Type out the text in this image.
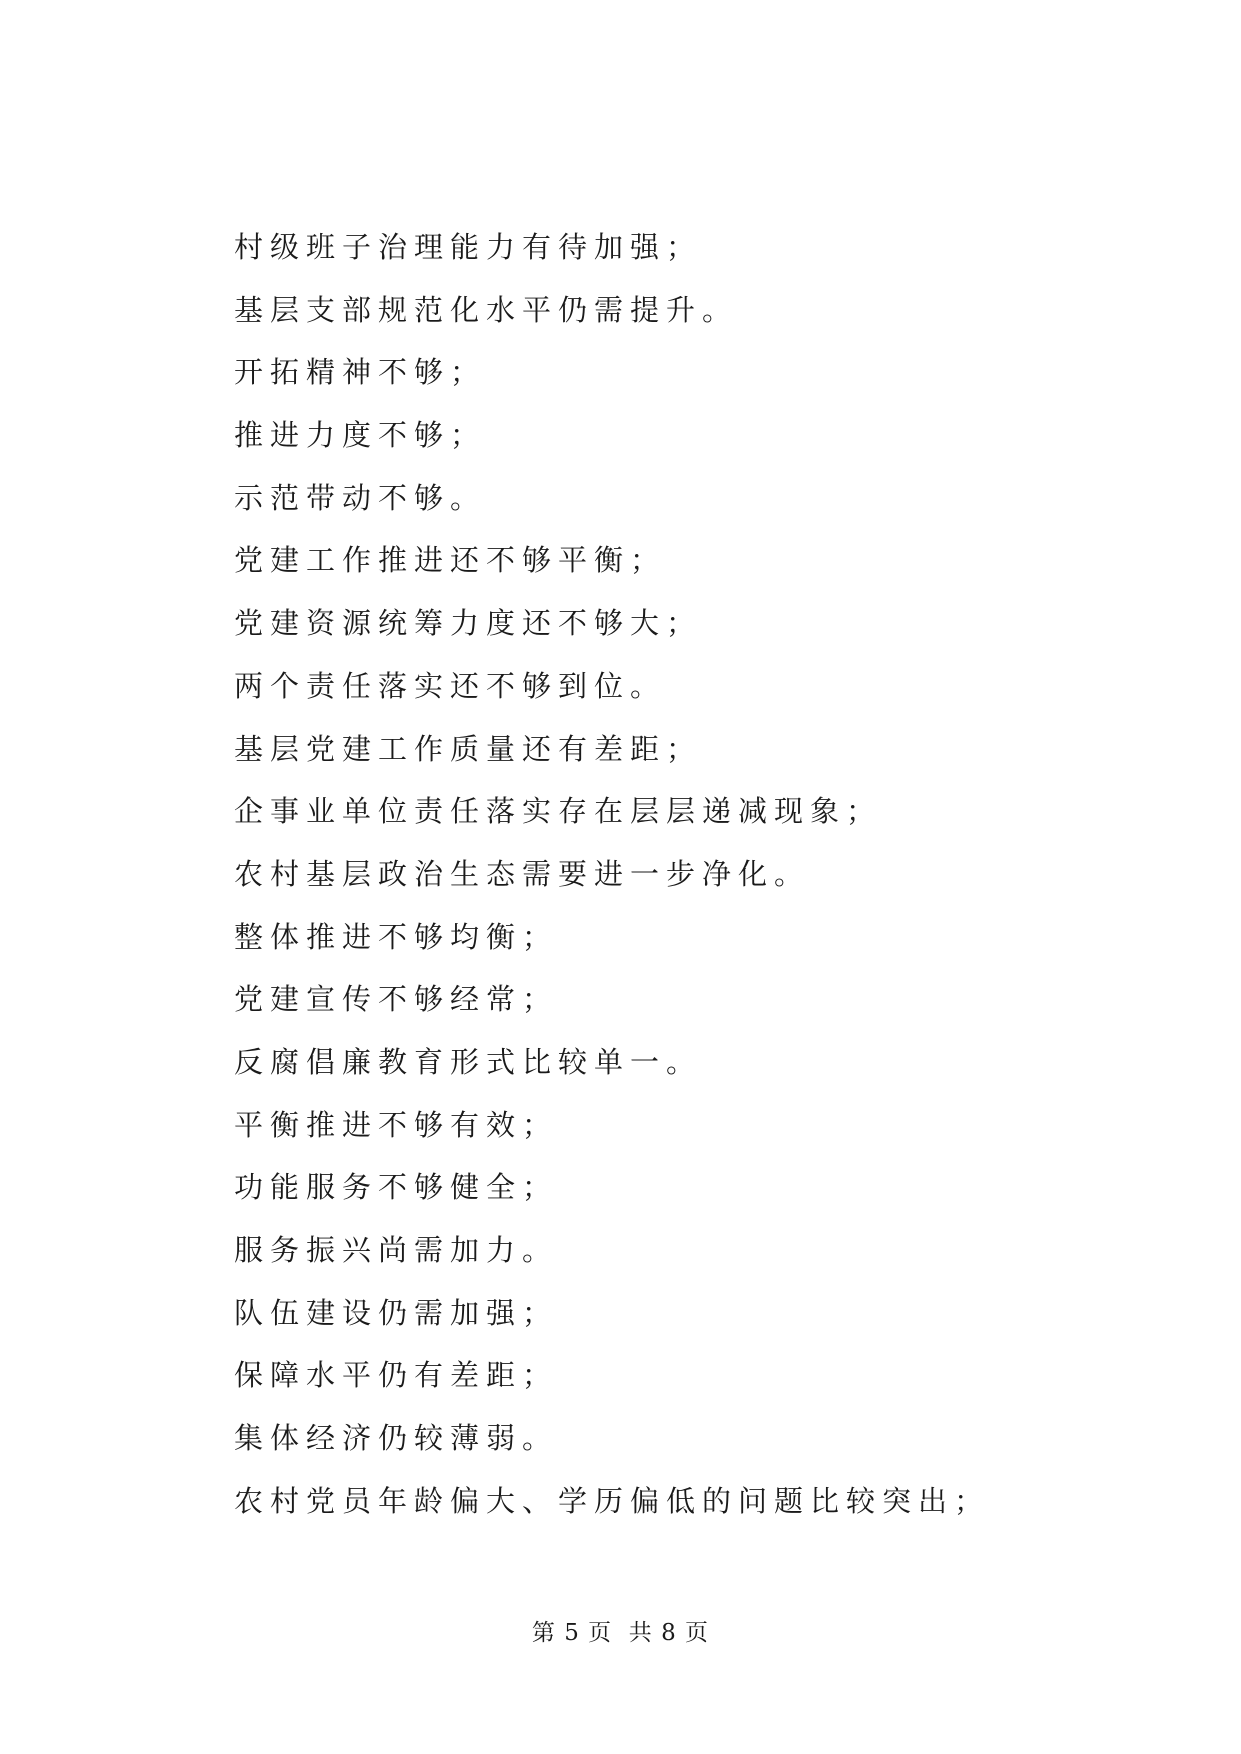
村级班子治理能力有待加强；
基层支部规范化水平仍需提升。
开拓精神不够；
推进力度不够；
示范带动不够。
党建工作推进还不够平衡；
党建资源统筹力度还不够大；
两个责任落实还不够到位。
基层党建工作质量还有差距；
企事业单位责任落实存在层层递减现象；
农村基层政治生态需要进一步净化。
整体推进不够均衡；
党建宣传不够经常；
反腐倡廉教育形式比较单一。
平衡推进不够有效；
功能服务不够健全；
服务振兴尚需加力。
队伍建设仍需加强；
保障水平仍有差距；
集体经济仍较薄弱。
农村党员年龄偏大、学历偏低的问题比较突出；
第 5 页  共 8 页
